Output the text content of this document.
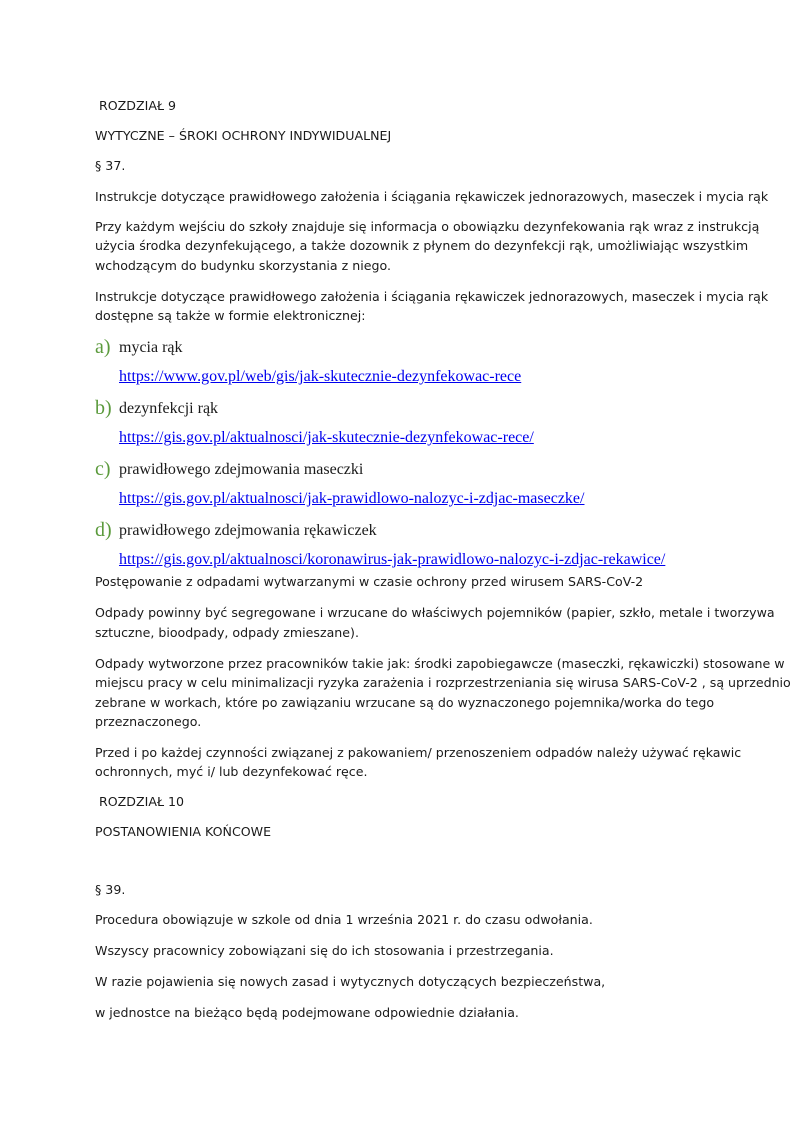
ROZDZIAŁ 9
WYTYCZNE – ŚROKI OCHRONY INDYWIDUALNEJ
§ 37.
Instrukcje dotyczące prawidłowego założenia i ściągania rękawiczek jednorazowych, maseczek i mycia rąk
Przy każdym wejściu do szkoły znajduje się informacja o obowiązku dezynfekowania rąk wraz z instrukcją
użycia środka dezynfekującego, a także dozownik z płynem do dezynfekcji rąk, umożliwiając wszystkim
wchodzącym do budynku skorzystania z niego.
Instrukcje dotyczące prawidłowego założenia i ściągania rękawiczek jednorazowych, maseczek i mycia rąk
dostępne są także w formie elektronicznej:
a) mycia rąk
https://www.gov.pl/web/gis/jak-skutecznie-dezynfekowac-rece
b) dezynfekcji rąk
https://gis.gov.pl/aktualnosci/jak-skutecznie-dezynfekowac-rece/
c) prawidłowego zdejmowania maseczki
https://gis.gov.pl/aktualnosci/jak-prawidlowo-nalozyc-i-zdjac-maseczke/
d) prawidłowego zdejmowania rękawiczek
https://gis.gov.pl/aktualnosci/koronawirus-jak-prawidlowo-nalozyc-i-zdjac-rekawice/
Postępowanie z odpadami wytwarzanymi w czasie ochrony przed wirusem SARS-CoV-2
Odpady powinny być segregowane i wrzucane do właściwych pojemników (papier, szkło, metale i tworzywa
sztuczne, bioodpady, odpady zmieszane).
Odpady wytworzone przez pracowników takie jak: środki zapobiegawcze (maseczki, rękawiczki) stosowane w
miejscu pracy w celu minimalizacji ryzyka zarażenia i rozprzestrzeniania się wirusa SARS-CoV-2 , są uprzednio
zebrane w workach, które po zawiązaniu wrzucane są do wyznaczonego pojemnika/worka do tego
przeznaczonego.
Przed i po każdej czynności związanej z pakowaniem/ przenoszeniem odpadów należy używać rękawic
ochronnych, myć i/ lub dezynfekować ręce.
ROZDZIAŁ 10
POSTANOWIENIA KOŃCOWE
§ 39.
Procedura obowiązuje w szkole od dnia 1 września 2021 r. do czasu odwołania.
Wszyscy pracownicy zobowiązani się do ich stosowania i przestrzegania.
W razie pojawienia się nowych zasad i wytycznych dotyczących bezpieczeństwa,
w jednostce na bieżąco będą podejmowane odpowiednie działania.
